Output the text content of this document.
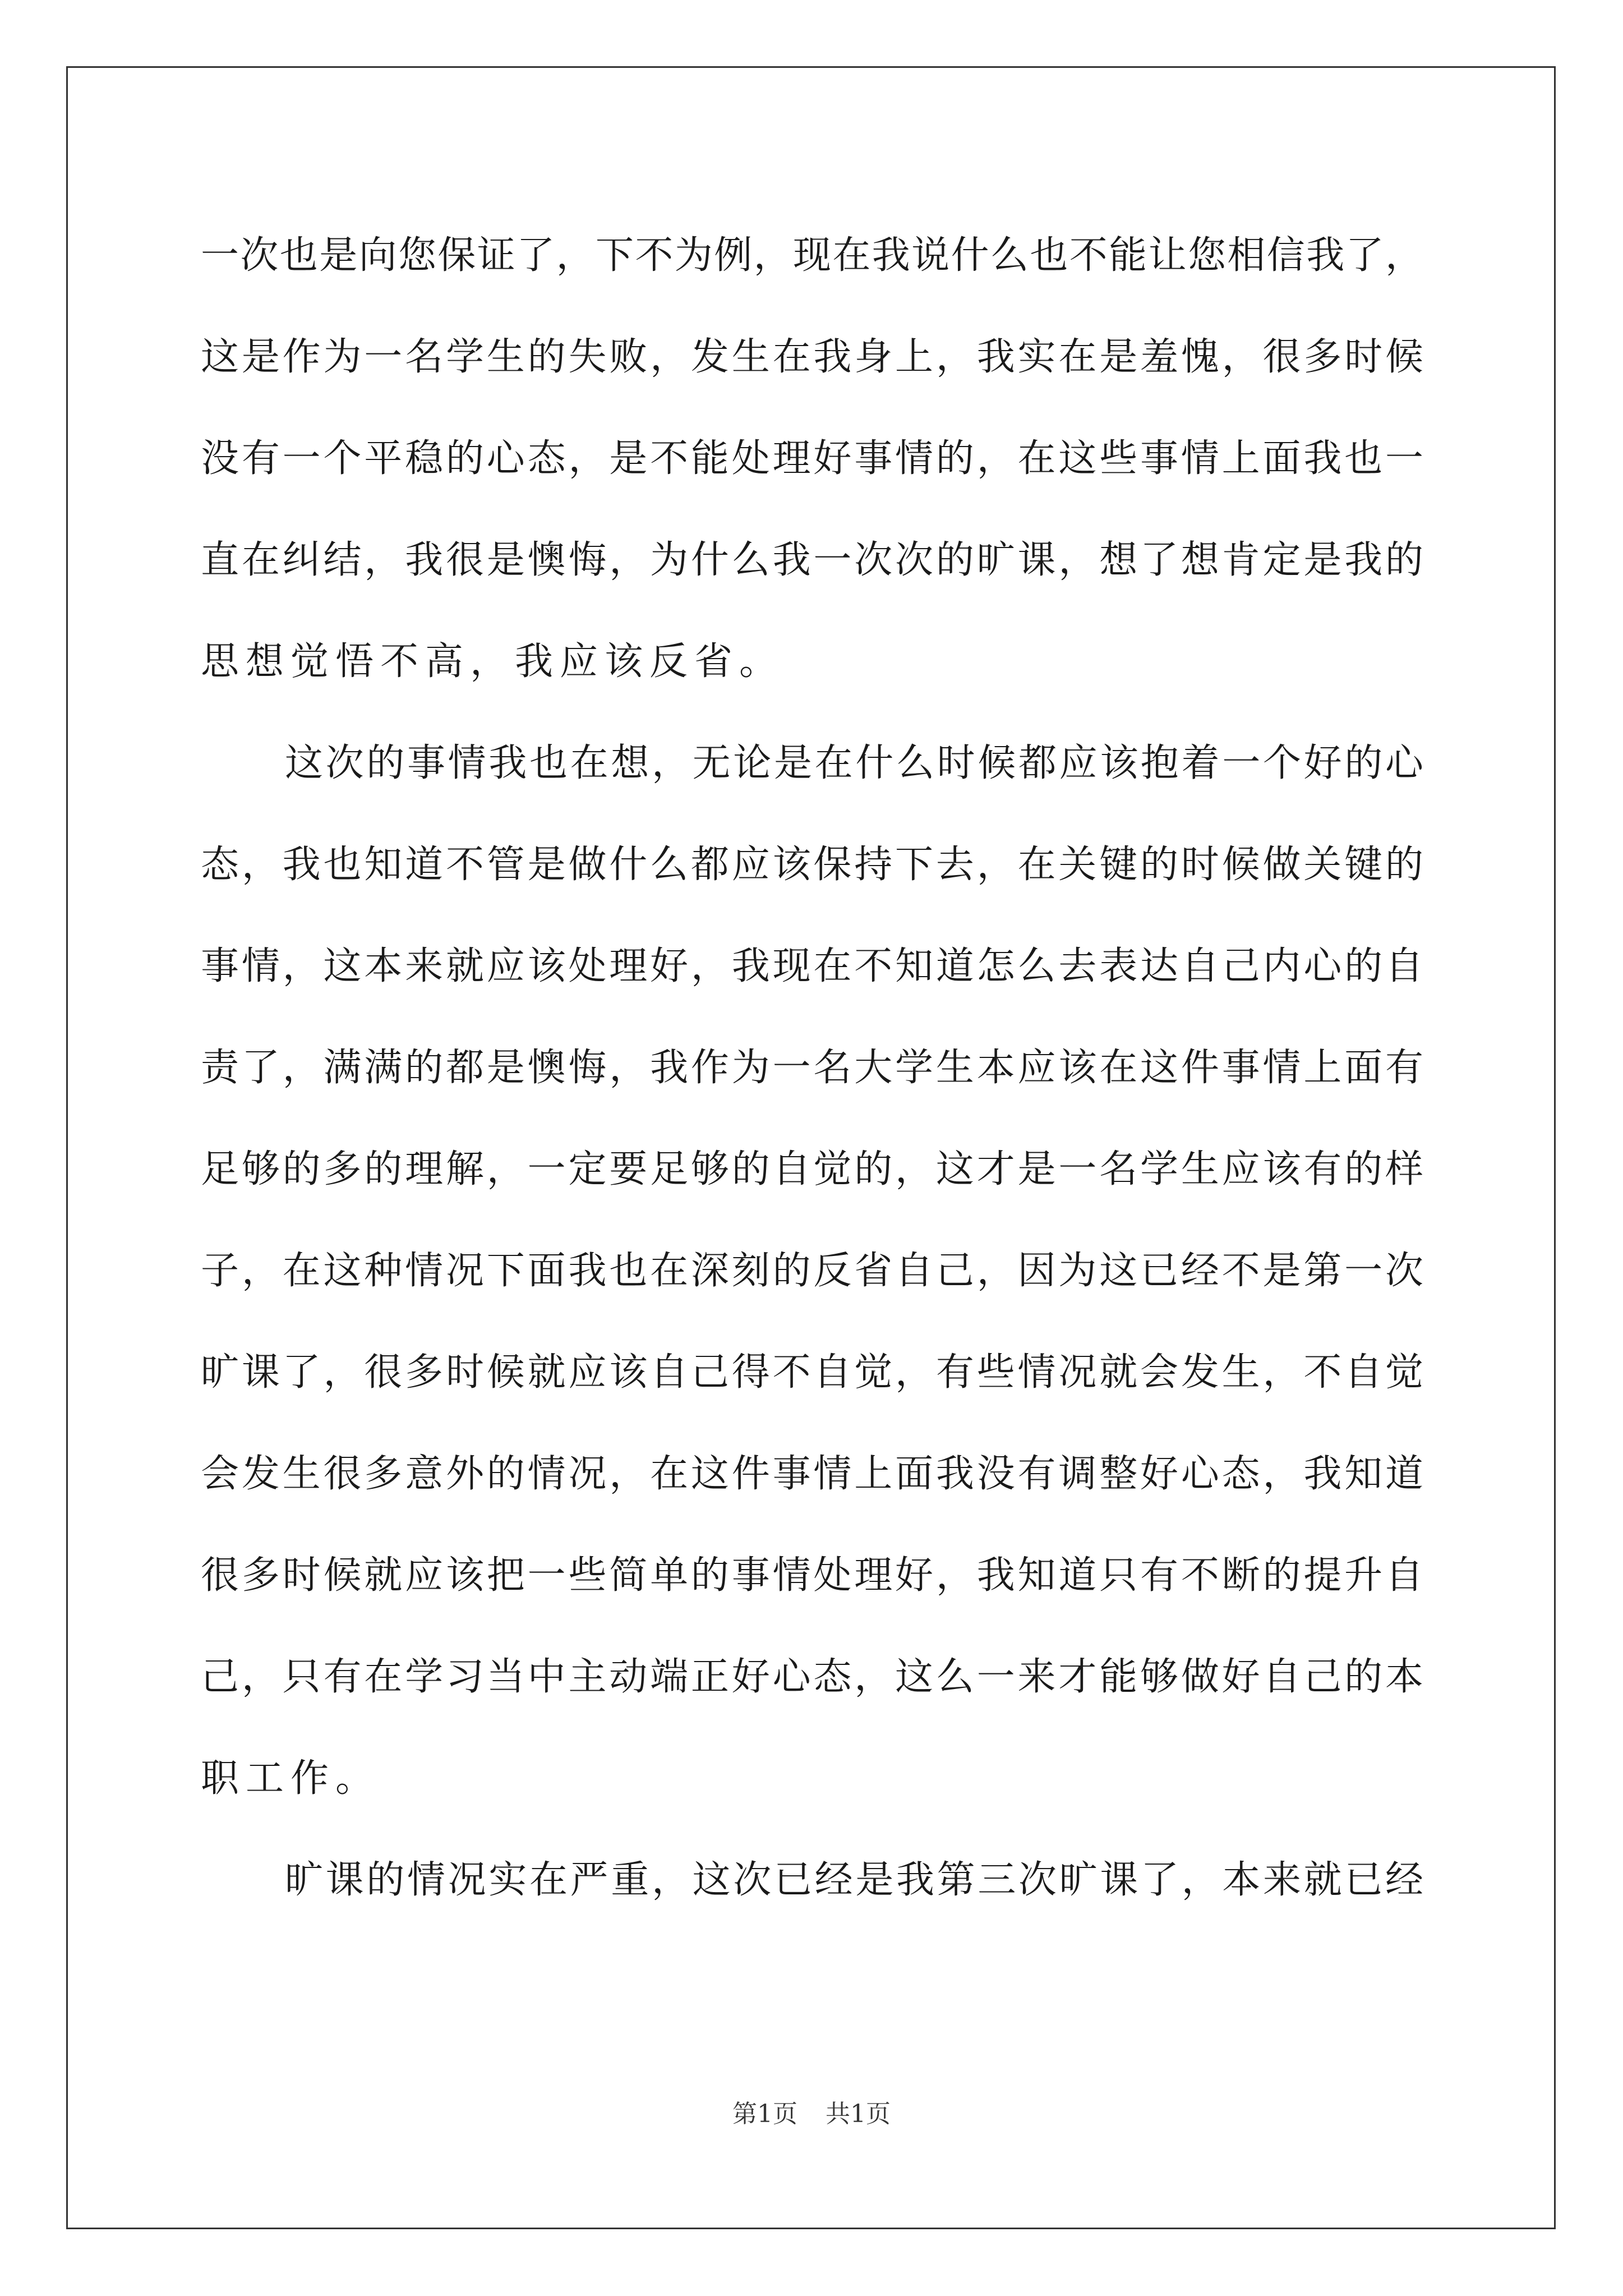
一次也是向您保证了，下不为例，现在我说什么也不能让您相信我了，
这是作为一名学生的失败，发生在我身上，我实在是羞愧，很多时候
没有一个平稳的心态，是不能处理好事情的，在这些事情上面我也一
直在纠结，我很是懊悔，为什么我一次次的旷课，想了想肯定是我的
思想觉悟不高，我应该反省。
这次的事情我也在想，无论是在什么时候都应该抱着一个好的心
态，我也知道不管是做什么都应该保持下去，在关键的时候做关键的
事情，这本来就应该处理好，我现在不知道怎么去表达自己内心的自
责了，满满的都是懊悔，我作为一名大学生本应该在这件事情上面有
足够的多的理解，一定要足够的自觉的，这才是一名学生应该有的样
子，在这种情况下面我也在深刻的反省自己，因为这已经不是第一次
旷课了，很多时候就应该自己得不自觉，有些情况就会发生，不自觉
会发生很多意外的情况，在这件事情上面我没有调整好心态，我知道
很多时候就应该把一些简单的事情处理好，我知道只有不断的提升自
己，只有在学习当中主动端正好心态，这么一来才能够做好自己的本
职工作。
旷课的情况实在严重，这次已经是我第三次旷课了，本来就已经
第1页 共1页
